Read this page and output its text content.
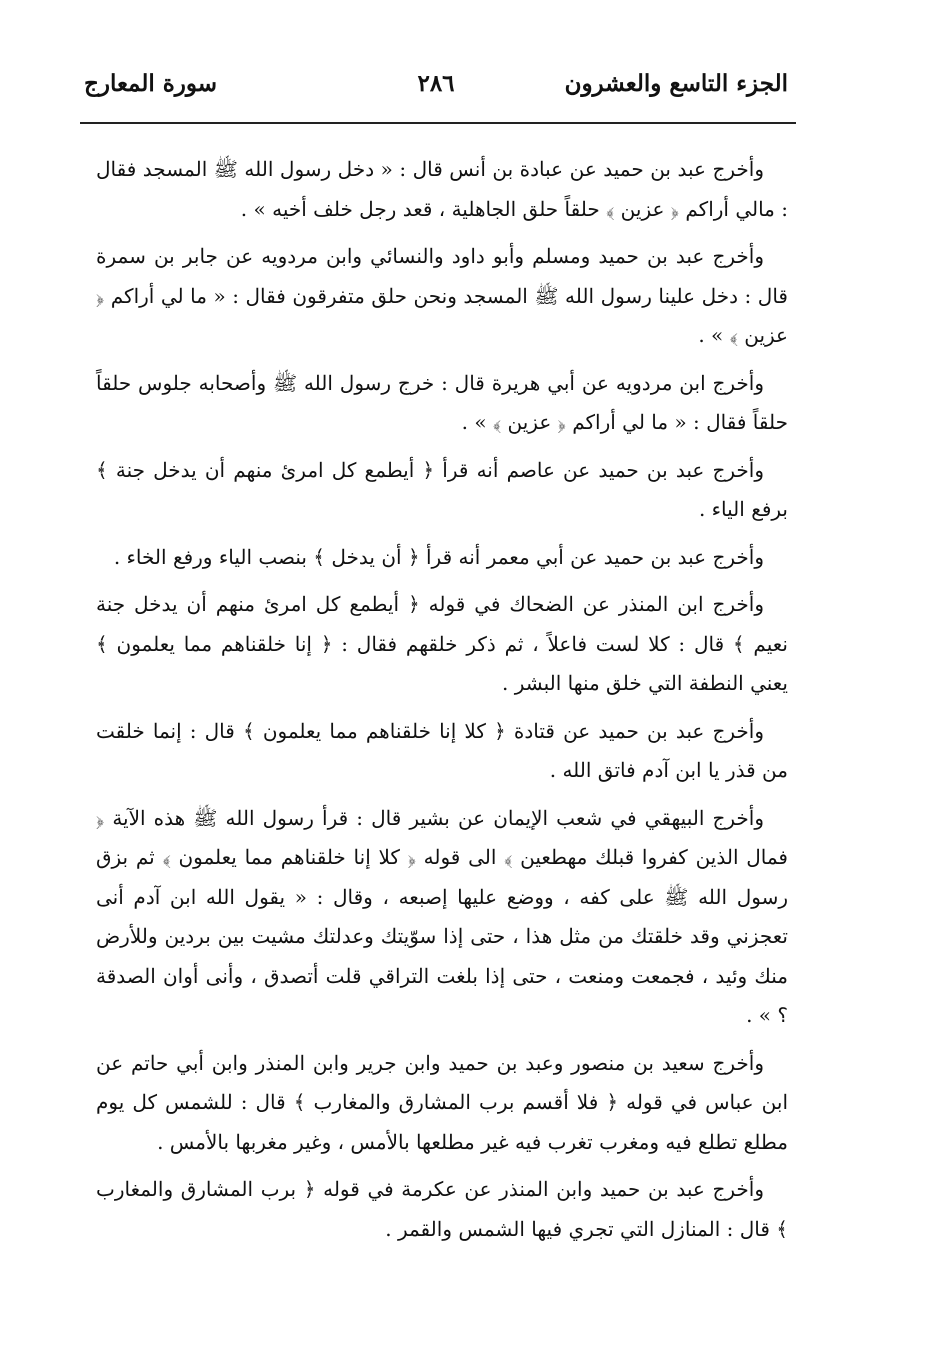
الجزء التاسع والعشرون
٢٨٦
سورة المعارج

وأخرج عبد بن حميد عن عبادة بن أنس قال : « دخل رسول الله ﷺ المسجد فقال : مالي أراكم ﴿ عزين ﴾ حلقاً حلق الجاهلية ، قعد رجل خلف أخيه » .

وأخرج عبد بن حميد ومسلم وأبو داود والنسائي وابن مردويه عن جابر بن سمرة قال : دخل علينا رسول الله ﷺ المسجد ونحن حلق متفرقون فقال : « ما لي أراكم ﴿ عزين ﴾ » .

وأخرج ابن مردويه عن أبي هريرة قال : خرج رسول الله ﷺ وأصحابه جلوس حلقاً حلقاً فقال : « ما لي أراكم ﴿ عزين ﴾ » .

وأخرج عبد بن حميد عن عاصم أنه قرأ ﴿ أيطمع كل امرئ منهم أن يدخل جنة ﴾ برفع الياء .

وأخرج عبد بن حميد عن أبي معمر أنه قرأ ﴿ أن يدخل ﴾ بنصب الياء ورفع الخاء .

وأخرج ابن المنذر عن الضحاك في قوله ﴿ أيطمع كل امرئ منهم أن يدخل جنة نعيم ﴾ قال : كلا لست فاعلاً ، ثم ذكر خلقهم فقال : ﴿ إنا خلقناهم مما يعلمون ﴾ يعني النطفة التي خلق منها البشر .

وأخرج عبد بن حميد عن قتادة ﴿ كلا إنا خلقناهم مما يعلمون ﴾ قال : إنما خلقت من قذر يا ابن آدم فاتق الله .

وأخرج البيهقي في شعب الإيمان عن بشير قال : قرأ رسول الله ﷺ هذه الآية ﴿ فمال الذين كفروا قبلك مهطعين ﴾ الى قوله ﴿ كلا إنا خلقناهم مما يعلمون ﴾ ثم بزق رسول الله ﷺ على كفه ، ووضع عليها إصبعه ، وقال : « يقول الله ابن آدم أنى تعجزني وقد خلقتك من مثل هذا ، حتى إذا سوّيتك وعدلتك مشيت بين بردين وللأرض منك وئيد ، فجمعت ومنعت ، حتى إذا بلغت التراقي قلت أتصدق ، وأنى أوان الصدقة ؟ » .

وأخرج سعيد بن منصور وعبد بن حميد وابن جرير وابن المنذر وابن أبي حاتم عن ابن عباس في قوله ﴿ فلا أقسم برب المشارق والمغارب ﴾ قال : للشمس كل يوم مطلع تطلع فيه ومغرب تغرب فيه غير مطلعها بالأمس ، وغير مغربها بالأمس .

وأخرج عبد بن حميد وابن المنذر عن عكرمة في قوله ﴿ برب المشارق والمغارب ﴾ قال : المنازل التي تجري فيها الشمس والقمر .
